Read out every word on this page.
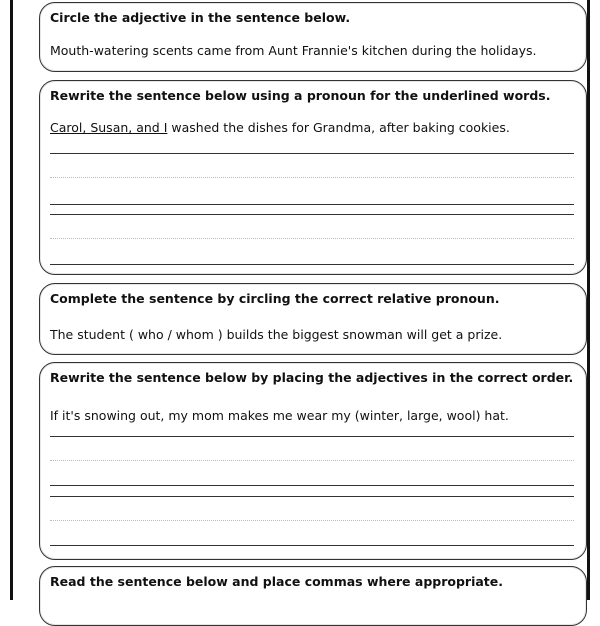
Circle the adjective in the sentence below.
Mouth-watering scents came from Aunt Frannie's kitchen during the holidays.
Rewrite the sentence below using a pronoun for the underlined words.
Carol, Susan, and I washed the dishes for Grandma, after baking cookies.
Complete the sentence by circling the correct relative pronoun.
The student ( who / whom ) builds the biggest snowman will get a prize.
Rewrite the sentence below by placing the adjectives in the correct order.
If it's snowing out, my mom makes me wear my (winter, large, wool) hat.
Read the sentence below and place commas where appropriate.
